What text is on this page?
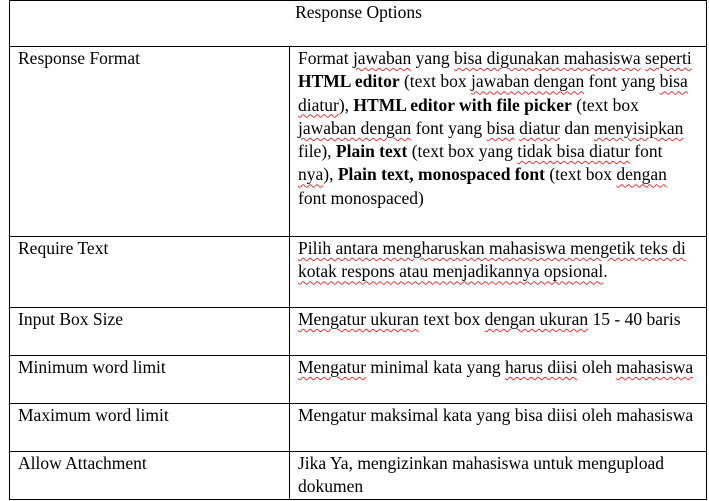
Response Options	
Response Format	Format jawaban yang bisa digunakan mahasiswa seperti HTML editor (text box jawaban dengan font yang bisa diatur), HTML editor with file picker (text box jawaban dengan font yang bisa diatur dan menyisipkan file), Plain text (text box yang tidak bisa diatur font nya), Plain text, monospaced font (text box dengan font monospaced)
Require Text	Pilih antara mengharuskan mahasiswa mengetik teks di kotak respons atau menjadikannya opsional.
Input Box Size	Mengatur ukuran text box dengan ukuran 15 - 40 baris
Minimum word limit	Mengatur minimal kata yang harus diisi oleh mahasiswa
Maximum word limit	Mengatur maksimal kata yang bisa diisi oleh mahasiswa
Allow Attachment	Jika Ya, mengizinkan mahasiswa untuk mengupload dokumen
